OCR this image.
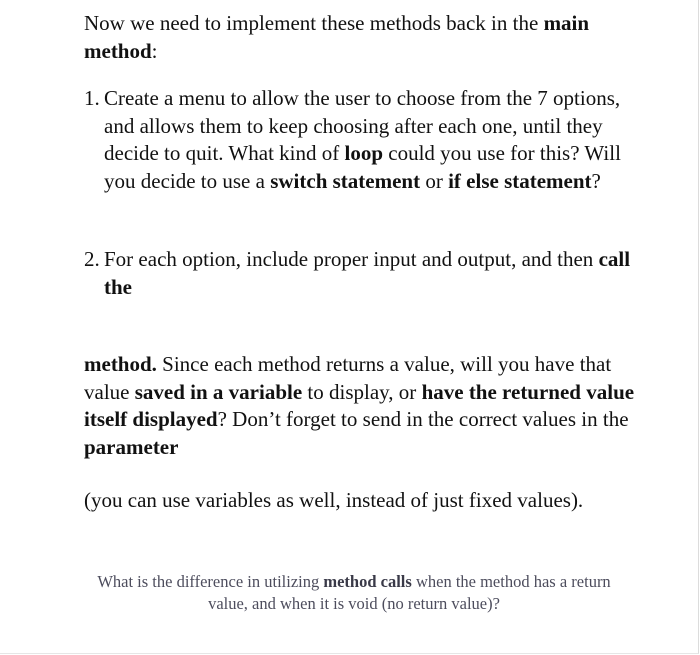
Now we need to implement these methods back in the main method:

1. Create a menu to allow the user to choose from the 7 options, and allows them to keep choosing after each one, until they decide to quit. What kind of loop could you use for this? Will you decide to use a switch statement or if else statement?
2. For each option, include proper input and output, and then call the

method. Since each method returns a value, will you have that value saved in a variable to display, or have the returned value itself displayed? Don’t forget to send in the correct values in the parameter

(you can use variables as well, instead of just fixed values).

What is the difference in utilizing method calls when the method has a return value, and when it is void (no return value)?
